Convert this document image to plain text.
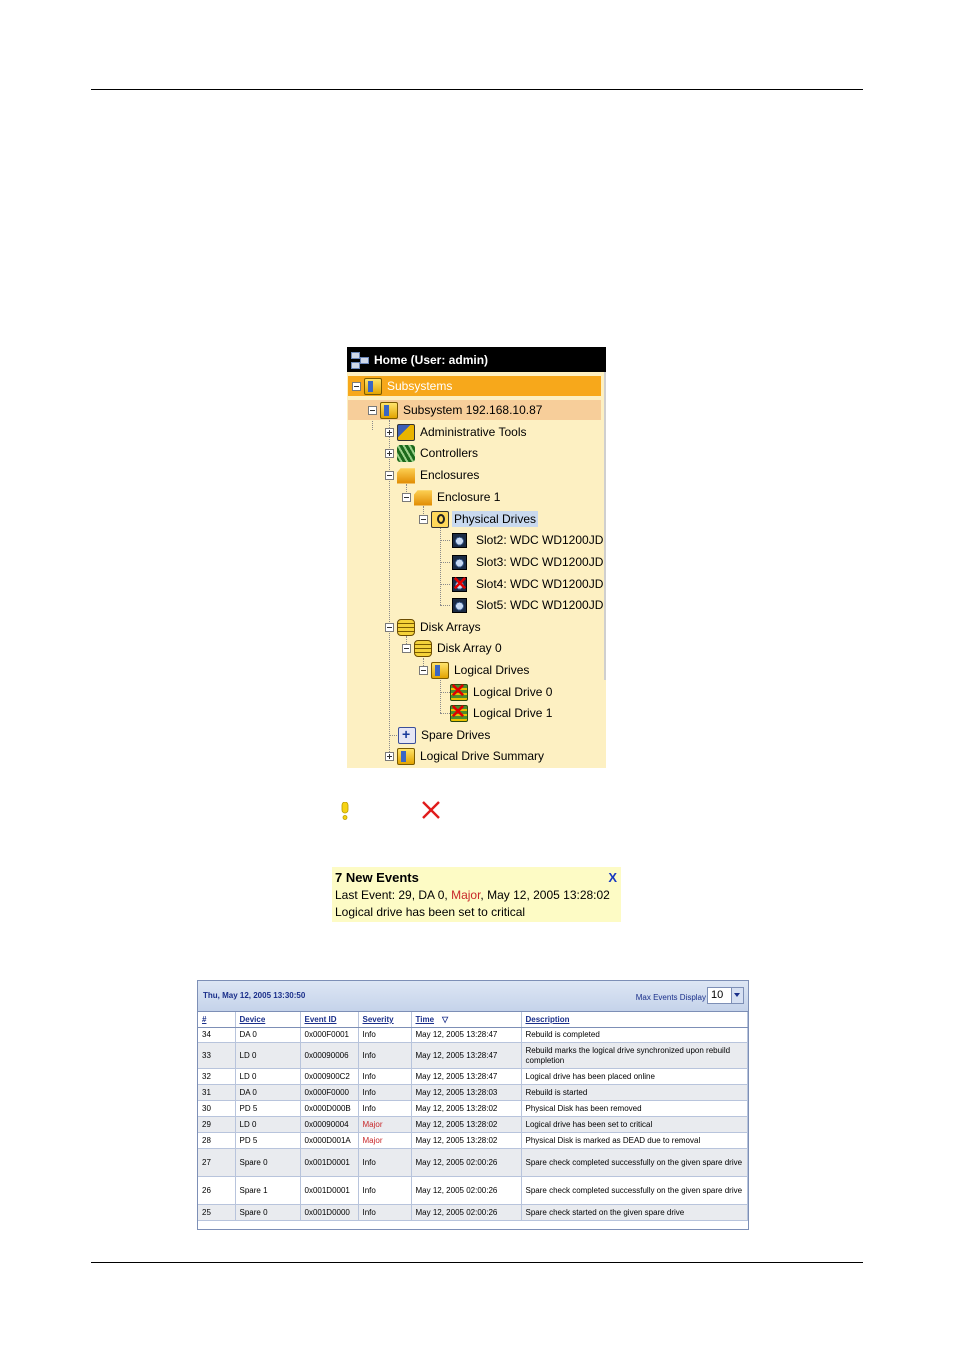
Home (User: admin)
Subsystems
Subsystem 192.168.10.87
Administrative Tools
Controllers
Enclosures
Enclosure 1
Physical Drives
Slot2: WDC WD1200JD
Slot3: WDC WD1200JD
✕ Slot4: WDC WD1200JD
Slot5: WDC WD1200JD
Disk Arrays
Disk Array 0
Logical Drives
✕ Logical Drive 0
✕ Logical Drive 1
+
Spare Drives
Logical Drive Summary
7 New Events	X
Last Event: 29, DA 0, Major, May 12, 2005 13:28:02
Logical drive has been set to critical
Thu, May 12, 2005 13:30:50	Max Events Display 10
#	Device	Event ID	Severity	Time ▽	Description
34	DA 0	0x000F0001	Info	May 12, 2005 13:28:47	Rebuild is completed
33	LD 0	0x00090006	Info	May 12, 2005 13:28:47	Rebuild marks the logical drive synchronized upon rebuild completion
32	LD 0	0x000900C2	Info	May 12, 2005 13:28:47	Logical drive has been placed online
31	DA 0	0x000F0000	Info	May 12, 2005 13:28:03	Rebuild is started
30	PD 5	0x000D000B	Info	May 12, 2005 13:28:02	Physical Disk has been removed
29	LD 0	0x00090004	Major	May 12, 2005 13:28:02	Logical drive has been set to critical
28	PD 5	0x000D001A	Major	May 12, 2005 13:28:02	Physical Disk is marked as DEAD due to removal
27	Spare 0	0x001D0001	Info	May 12, 2005 02:00:26	Spare check completed successfully on the given spare drive
26	Spare 1	0x001D0001	Info	May 12, 2005 02:00:26	Spare check completed successfully on the given spare drive
25	Spare 0	0x001D0000	Info	May 12, 2005 02:00:26	Spare check started on the given spare drive
